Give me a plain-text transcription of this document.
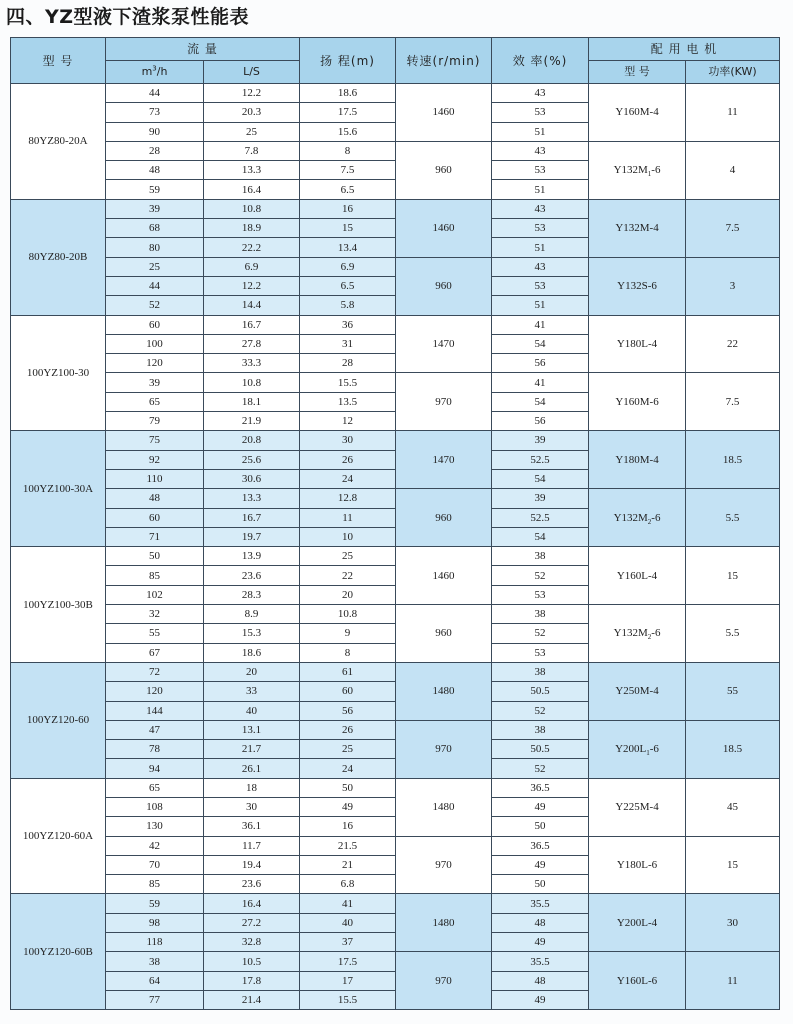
四、YZ型液下渣浆泵性能表
型 号	流 量		扬 程(m)	转速(r/min)	效 率(%)	配 用 电 机	
	$m^3/h$	L/S				型 号	功率(KW)
80YZ80-20A	44	12.2	18.6	1460	43	Y160M-4	11
	73	20.3	17.5		53		
	90	25	15.6		51		
	28	7.8	8	960	43	$Y132M_1-6$	4
	48	13.3	7.5		53		
	59	16.4	6.5		51		
80YZ80-20B	39	10.8	16	1460	43	Y132M-4	7.5
	68	18.9	15		53		
	80	22.2	13.4		51		
	25	6.9	6.9	960	43	Y132S-6	3
	44	12.2	6.5		53		
	52	14.4	5.8		51		
100YZ100-30	60	16.7	36	1470	41	Y180L-4	22
	100	27.8	31		54		
	120	33.3	28		56		
	39	10.8	15.5	970	41	Y160M-6	7.5
	65	18.1	13.5		54		
	79	21.9	12		56		
100YZ100-30A	75	20.8	30	1470	39	Y180M-4	18.5
	92	25.6	26		52.5		
	110	30.6	24		54		
	48	13.3	12.8	960	39	$Y132M_2-6$	5.5
	60	16.7	11		52.5		
	71	19.7	10		54		
100YZ100-30B	50	13.9	25	1460	38	Y160L-4	15
	85	23.6	22		52		
	102	28.3	20		53		
	32	8.9	10.8	960	38	$Y132M_2-6$	5.5
	55	15.3	9		52		
	67	18.6	8		53		
100YZ120-60	72	20	61	1480	38	Y250M-4	55
	120	33	60		50.5		
	144	40	56		52		
	47	13.1	26	970	38	$Y200L_1-6$	18.5
	78	21.7	25		50.5		
	94	26.1	24		52		
100YZ120-60A	65	18	50	1480	36.5	Y225M-4	45
	108	30	49		49		
	130	36.1	16		50		
	42	11.7	21.5	970	36.5	Y180L-6	15
	70	19.4	21		49		
	85	23.6	6.8		50		
100YZ120-60B	59	16.4	41	1480	35.5	Y200L-4	30
	98	27.2	40		48		
	118	32.8	37		49		
	38	10.5	17.5	970	35.5	Y160L-6	11
	64	17.8	17		48		
	77	21.4	15.5		49		
